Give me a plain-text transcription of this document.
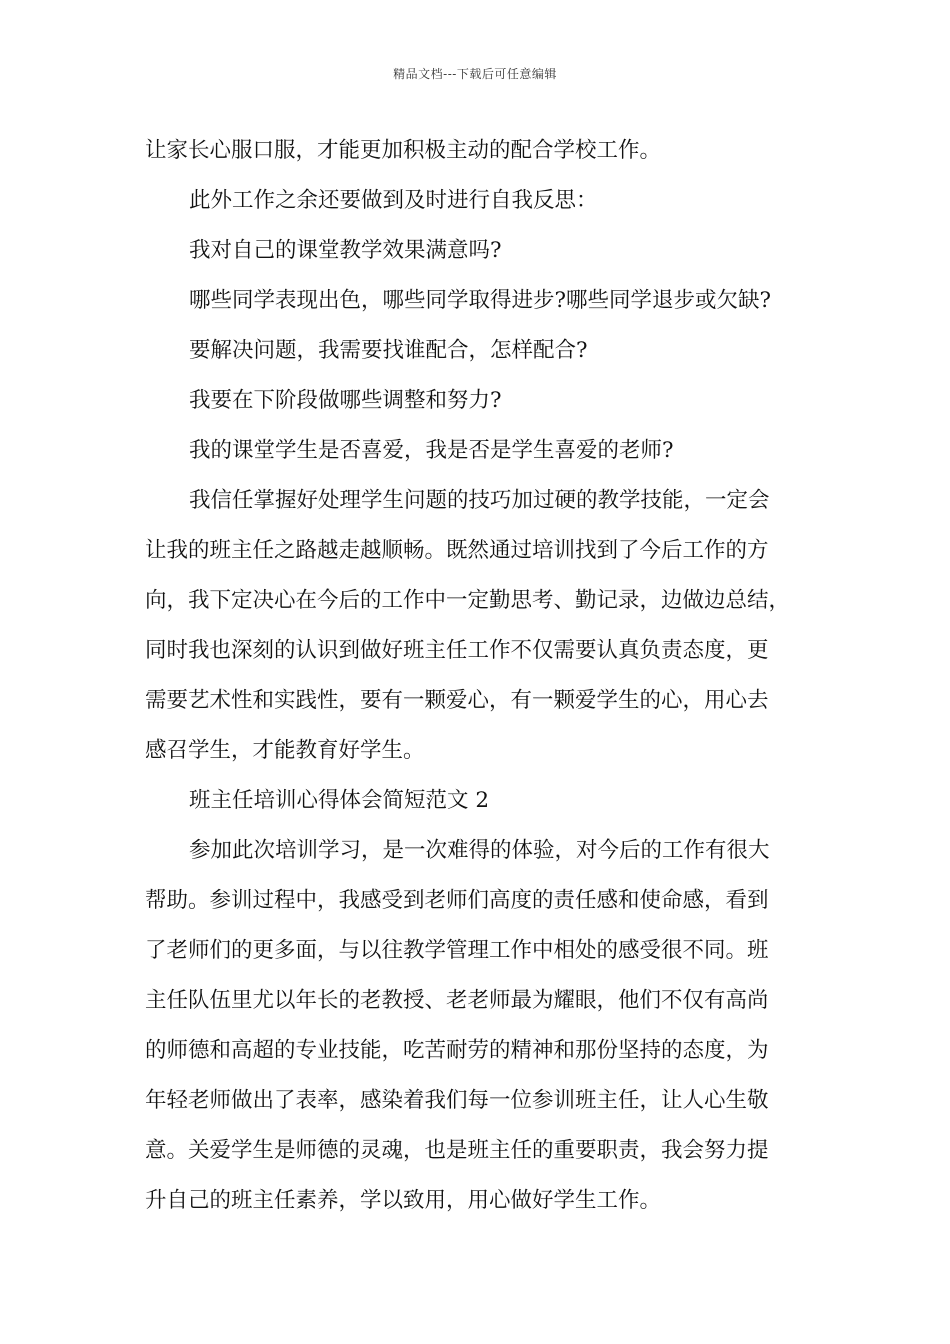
精品文档---下载后可任意编辑
让家长心服口服，才能更加积极主动的配合学校工作。
此外工作之余还要做到及时进行自我反思：
我对自己的课堂教学效果满意吗?
哪些同学表现出色，哪些同学取得进步?哪些同学退步或欠缺?
要解决问题，我需要找谁配合，怎样配合?
我要在下阶段做哪些调整和努力?
我的课堂学生是否喜爱，我是否是学生喜爱的老师?
我信任掌握好处理学生问题的技巧加过硬的教学技能，一定会
让我的班主任之路越走越顺畅。既然通过培训找到了今后工作的方
向，我下定决心在今后的工作中一定勤思考、勤记录，边做边总结，
同时我也深刻的认识到做好班主任工作不仅需要认真负责态度，更
需要艺术性和实践性，要有一颗爱心，有一颗爱学生的心，用心去
感召学生，才能教育好学生。
班主任培训心得体会简短范文 2
参加此次培训学习，是一次难得的体验，对今后的工作有很大
帮助。参训过程中，我感受到老师们高度的责任感和使命感，看到
了老师们的更多面，与以往教学管理工作中相处的感受很不同。班
主任队伍里尤以年长的老教授、老老师最为耀眼，他们不仅有高尚
的师德和高超的专业技能，吃苦耐劳的精神和那份坚持的态度，为
年轻老师做出了表率，感染着我们每一位参训班主任，让人心生敬
意。关爱学生是师德的灵魂，也是班主任的重要职责，我会努力提
升自己的班主任素养，学以致用，用心做好学生工作。
